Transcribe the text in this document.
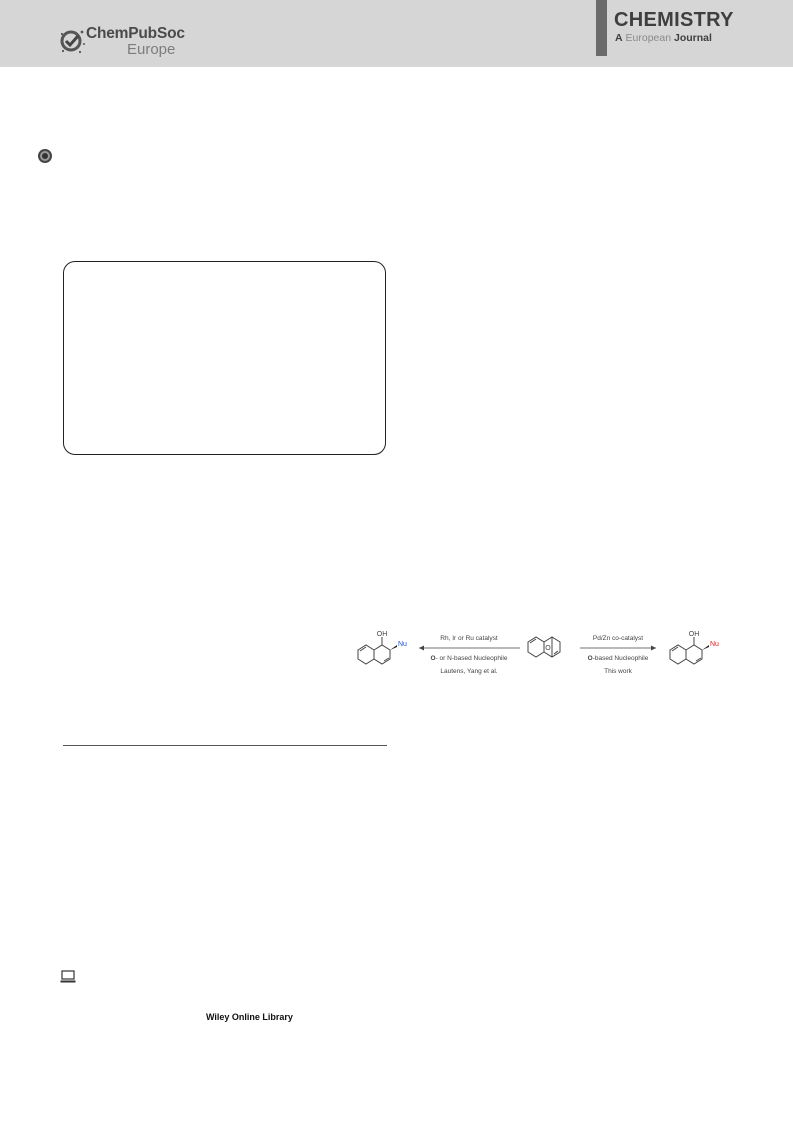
ChemPubSoc
Europe
CHEMISTRY
A European Journal
OH
Nu
Rh, Ir or Ru catalyst
O- or N-based Nucleophile
Lautens, Yang et al.
O
Pd/Zn co-catalyst
O-based Nucleophile
This work
OH
Nu
Wiley Online Library
